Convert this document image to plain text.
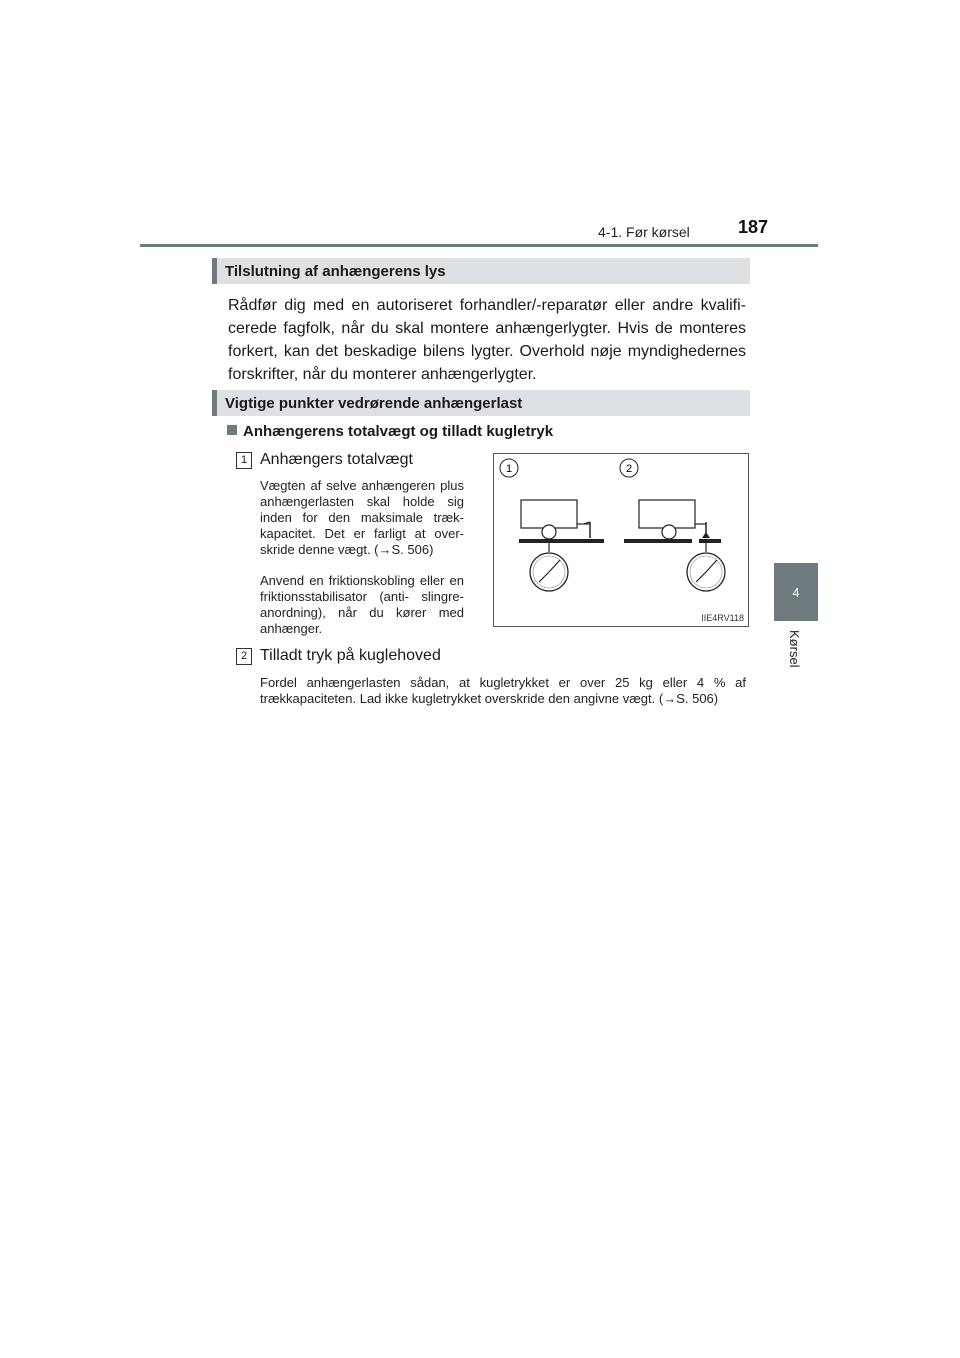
4-1. Før kørsel	187
4
Kørsel
Tilslutning af anhængerens lys
Rådfør dig med en autoriseret forhandler/-reparatør eller andre kvalifi- cerede fagfolk, når du skal montere anhængerlygter. Hvis de monteres forkert, kan det beskadige bilens lygter. Overhold nøje myndighedernes forskrifter, når du monterer anhængerlygter.
Vigtige punkter vedrørende anhængerlast
Anhængerens totalvægt og tilladt kugletryk
1 Anhængers totalvægt
Vægten af selve anhængeren plus anhængerlasten skal holde sig inden for den maksimale træk- kapacitet. Det er farligt at over- skride denne vægt. (→S. 506)
Anvend en friktionskobling eller en friktionsstabilisator (anti- slingre-anordning), når du kører med anhænger.
1	2
IIE4RV118
2 Tilladt tryk på kuglehoved
Fordel anhængerlasten sådan, at kugletrykket er over 25 kg eller 4 % af trækkapaciteten. Lad ikke kugletrykket overskride den angivne vægt. (→S. 506)
